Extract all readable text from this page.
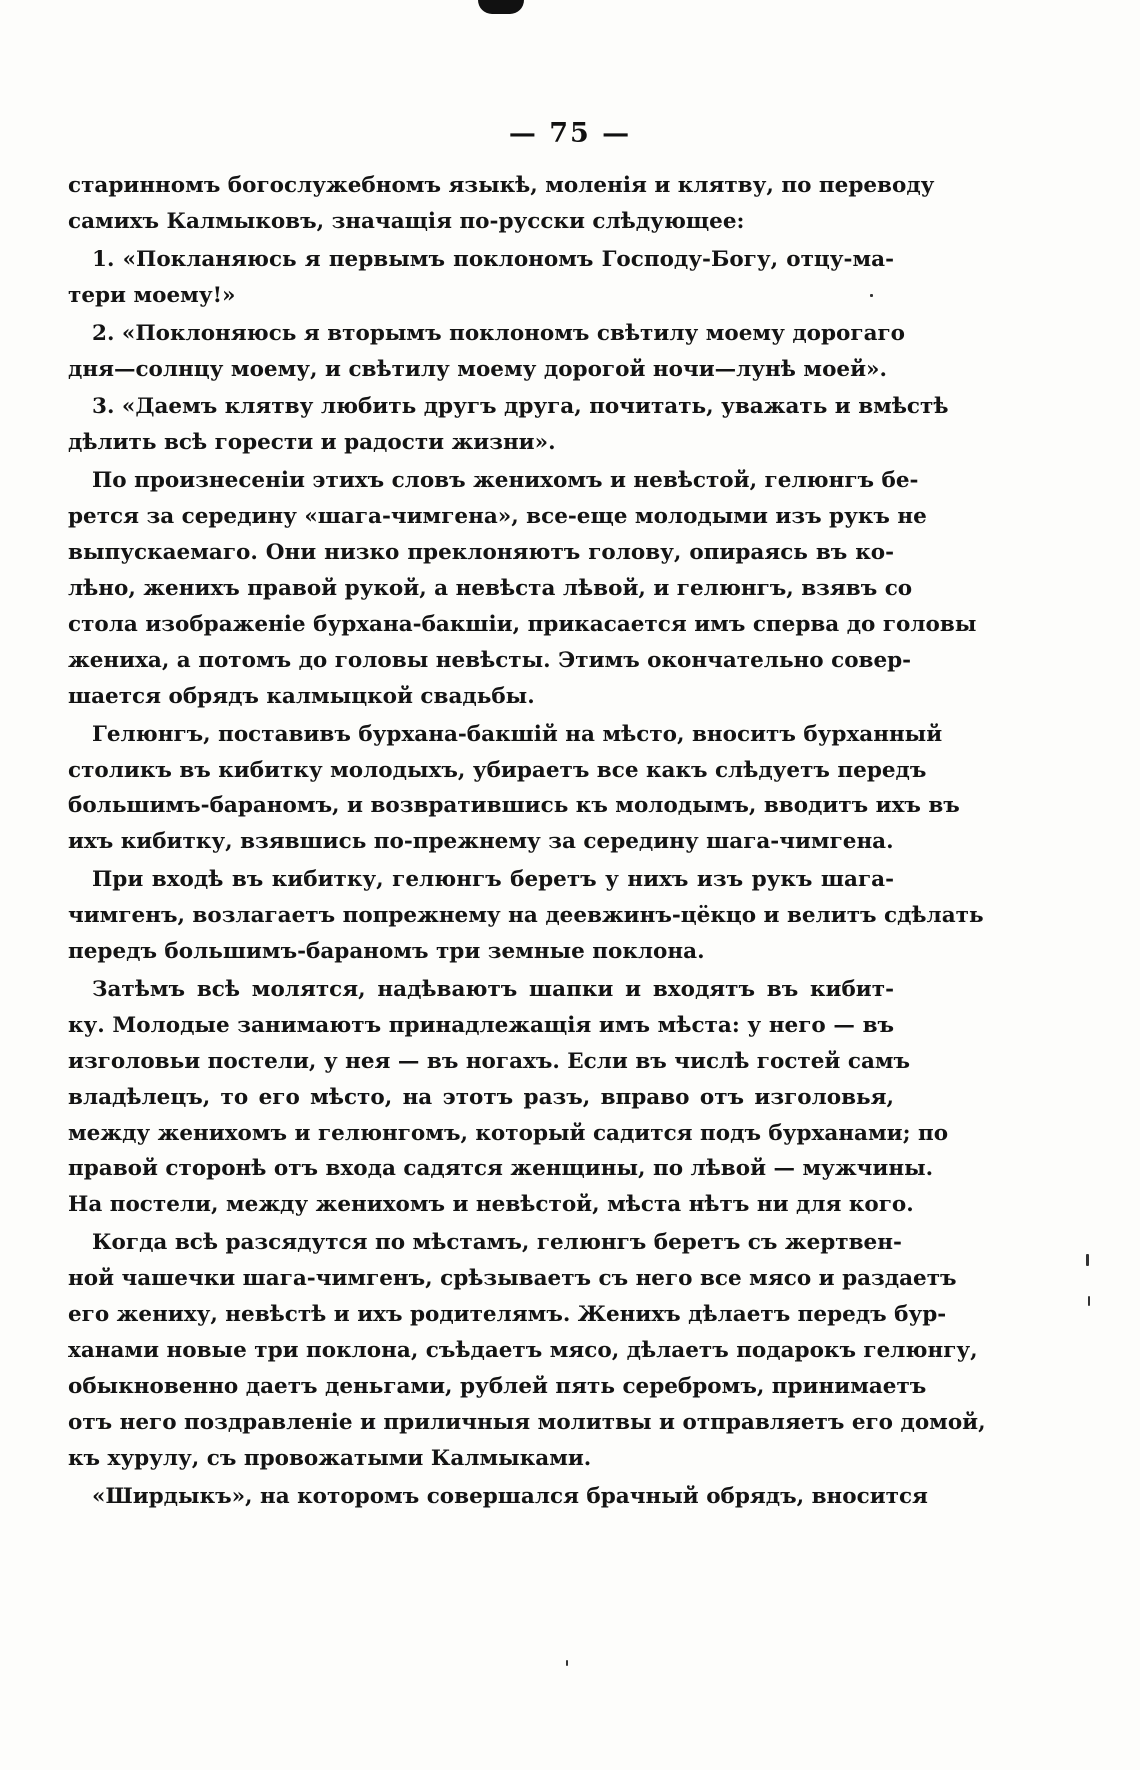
— 75 —
старинномъ богослужебномъ языкѣ, моленія и клятву, по переводу
самихъ Калмыковъ, значащія по-русски слѣдующее:
1. «Покланяюсь я первымъ поклономъ Господу-Богу, отцу-ма-
тери моему!»
2. «Поклоняюсь я вторымъ поклономъ свѣтилу моему дорогаго
дня—солнцу моему, и свѣтилу моему дорогой ночи—лунѣ моей».
3. «Даемъ клятву любить другъ друга, почитать, уважать и вмѣстѣ
дѣлить всѣ горести и радости жизни».
По произнесеніи этихъ словъ женихомъ и невѣстой, гелюнгъ бе-
рется за середину «шага-чимгена», все-еще молодыми изъ рукъ не
выпускаемаго. Они низко преклоняютъ голову, опираясь въ ко-
лѣно, женихъ правой рукой, а невѣста лѣвой, и гелюнгъ, взявъ со
стола изображеніе бурхана-бакшіи, прикасается имъ сперва до головы
жениха, а потомъ до головы невѣсты. Этимъ окончательно совер-
шается обрядъ калмыцкой свадьбы.
Гелюнгъ, поставивъ бурхана-бакшій на мѣсто, вноситъ бурханный
столикъ въ кибитку молодыхъ, убираетъ все какъ слѣдуетъ передъ
большимъ-бараномъ, и возвратившись къ молодымъ, вводитъ ихъ въ
ихъ кибитку, взявшись по-прежнему за середину шага-чимгена.
При входѣ въ кибитку, гелюнгъ беретъ у нихъ изъ рукъ шага-
чимгенъ, возлагаетъ попрежнему на деевжинъ-цёкцо и велитъ сдѣлать
передъ большимъ-бараномъ три земные поклона.
Затѣмъ всѣ молятся, надѣваютъ шапки и входятъ въ кибит-
ку. Молодые занимаютъ принадлежащія имъ мѣста: у него — въ
изголовьи постели, у нея — въ ногахъ. Если въ числѣ гостей самъ
владѣлецъ, то его мѣсто, на этотъ разъ, вправо отъ изголовья,
между женихомъ и гелюнгомъ, который садится подъ бурханами; по
правой сторонѣ отъ входа садятся женщины, по лѣвой — мужчины.
На постели, между женихомъ и невѣстой, мѣста нѣтъ ни для кого.
Когда всѣ разсядутся по мѣстамъ, гелюнгъ беретъ съ жертвен-
ной чашечки шага-чимгенъ, срѣзываетъ съ него все мясо и раздаетъ
его жениху, невѣстѣ и ихъ родителямъ. Женихъ дѣлаетъ передъ бур-
ханами новые три поклона, съѣдаетъ мясо, дѣлаетъ подарокъ гелюнгу,
обыкновенно даетъ деньгами, рублей пять серебромъ, принимаетъ
отъ него поздравленіе и приличныя молитвы и отправляетъ его домой,
къ хурулу, съ провожатыми Калмыками.
«Ширдыкъ», на которомъ совершался брачный обрядъ, вносится
